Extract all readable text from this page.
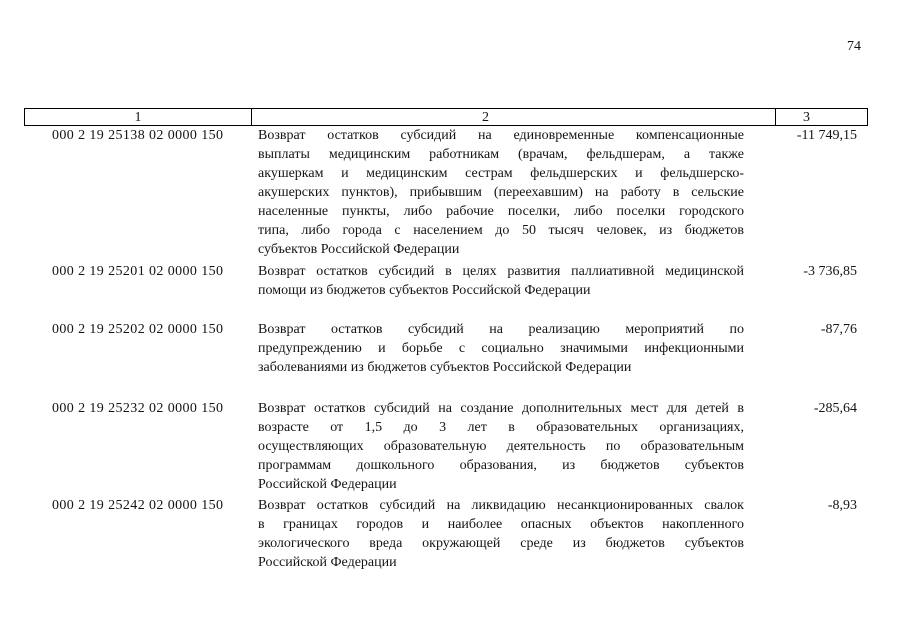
74
1	2	3
000 2 19 25138 02 0000 150 Возврат остатков субсидий на единовременные компенсационные
выплаты медицинским работникам (врачам, фельдшерам, а также
акушеркам и медицинским сестрам фельдшерских и фельдшерско-
акушерских пунктов), прибывшим (переехавшим) на работу в сельские
населенные пункты, либо рабочие поселки, либо поселки городского
типа, либо города с населением до 50 тысяч человек, из бюджетов
субъектов Российской Федерации
-11 749,15
000 2 19 25201 02 0000 150 Возврат остатков субсидий в целях развития паллиативной медицинской
помощи из бюджетов субъектов Российской Федерации
-3 736,85
000 2 19 25202 02 0000 150 Возврат остатков субсидий на реализацию мероприятий по
предупреждению и борьбе с социально значимыми инфекционными
заболеваниями из бюджетов субъектов Российской Федерации
-87,76
000 2 19 25232 02 0000 150 Возврат остатков субсидий на создание дополнительных мест для детей в
возрасте от 1,5 до 3 лет в образовательных организациях,
осуществляющих образовательную деятельность по образовательным
программам дошкольного образования, из бюджетов субъектов
Российской Федерации
-285,64
000 2 19 25242 02 0000 150 Возврат остатков субсидий на ликвидацию несанкционированных свалок
в границах городов и наиболее опасных объектов накопленного
экологического вреда окружающей среде из бюджетов субъектов
Российской Федерации
-8,93
